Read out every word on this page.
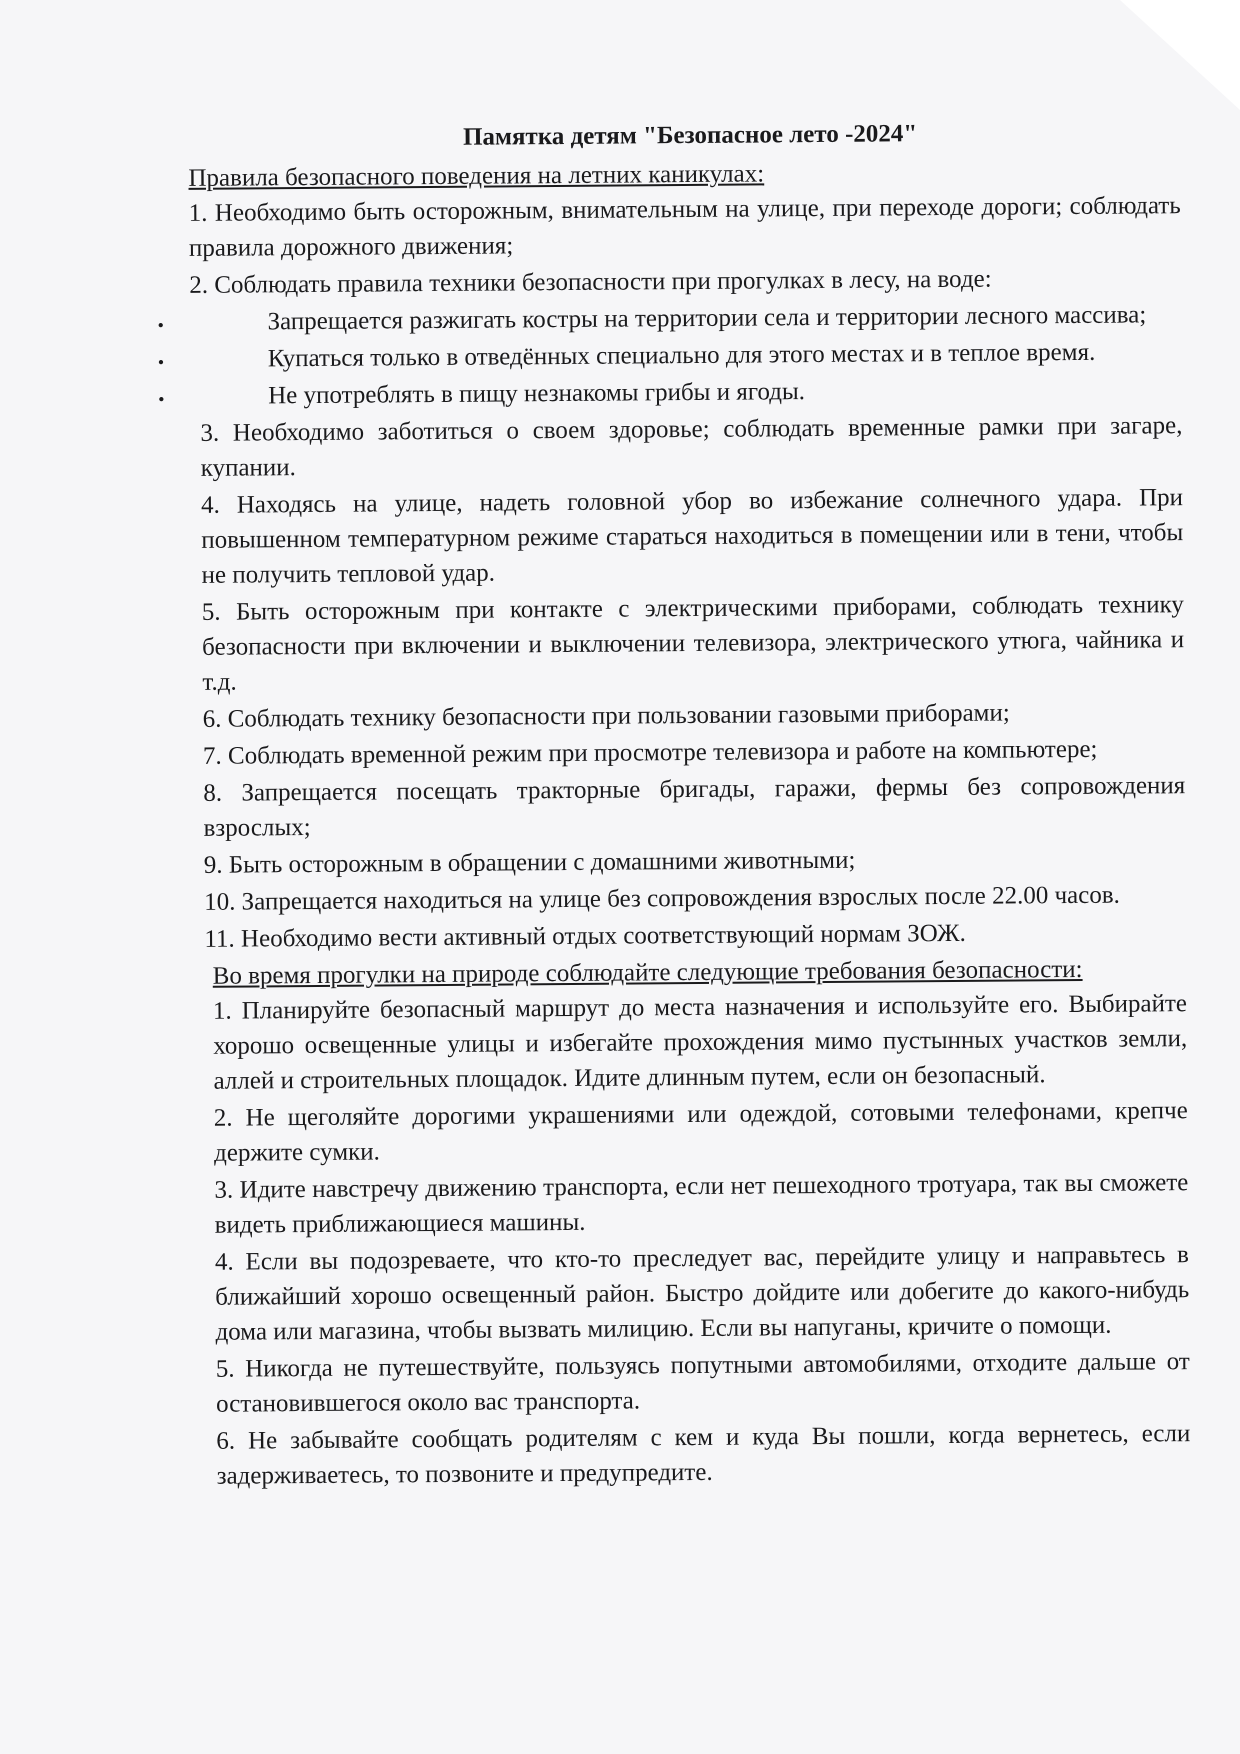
Памятка детям "Безопасное лето -2024"

Правила безопасного поведения на летних каникулах:

1. Необходимо быть осторожным, внимательным на улице, при переходе дороги; соблюдать правила дорожного движения;

2. Соблюдать правила техники безопасности при прогулках в лесу, на воде:

• Запрещается разжигать костры на территории села и территории лесного массива;

• Купаться только в отведённых специально для этого местах и в теплое время.

• Не употреблять в пищу незнакомы грибы и ягоды.

3. Необходимо заботиться о своем здоровье; соблюдать временные рамки при загаре, купании.

4. Находясь на улице, надеть головной убор во избежание солнечного удара. При повышенном температурном режиме стараться находиться в помещении или в тени, чтобы не получить тепловой удар.

5. Быть осторожным при контакте с электрическими приборами, соблюдать технику безопасности при включении и выключении телевизора, электрического утюга, чайника и т.д.

6. Соблюдать технику безопасности при пользовании газовыми приборами;

7. Соблюдать временной режим при просмотре телевизора и работе на компьютере;

8. Запрещается посещать тракторные бригады, гаражи, фермы без сопровождения взрослых;

9. Быть осторожным в обращении с домашними животными;

10. Запрещается находиться на улице без сопровождения взрослых после 22.00 часов.

11. Необходимо вести активный отдых соответствующий нормам ЗОЖ.

Во время прогулки на природе соблюдайте следующие требования безопасности:

1. Планируйте безопасный маршрут до места назначения и используйте его. Выбирайте хорошо освещенные улицы и избегайте прохождения мимо пустынных участков земли, аллей и строительных площадок. Идите длинным путем, если он безопасный.

2. Не щеголяйте дорогими украшениями или одеждой, сотовыми телефонами, крепче держите сумки.

3. Идите навстречу движению транспорта, если нет пешеходного тротуара, так вы сможете видеть приближающиеся машины.

4. Если вы подозреваете, что кто-то преследует вас, перейдите улицу и направьтесь в ближайший хорошо освещенный район. Быстро дойдите или добегите до какого-нибудь дома или магазина, чтобы вызвать милицию. Если вы напуганы, кричите о помощи.

5. Никогда не путешествуйте, пользуясь попутными автомобилями, отходите дальше от остановившегося около вас транспорта.

6. Не забывайте сообщать родителям с кем и куда Вы пошли, когда вернетесь, если задерживаетесь, то позвоните и предупредите.
